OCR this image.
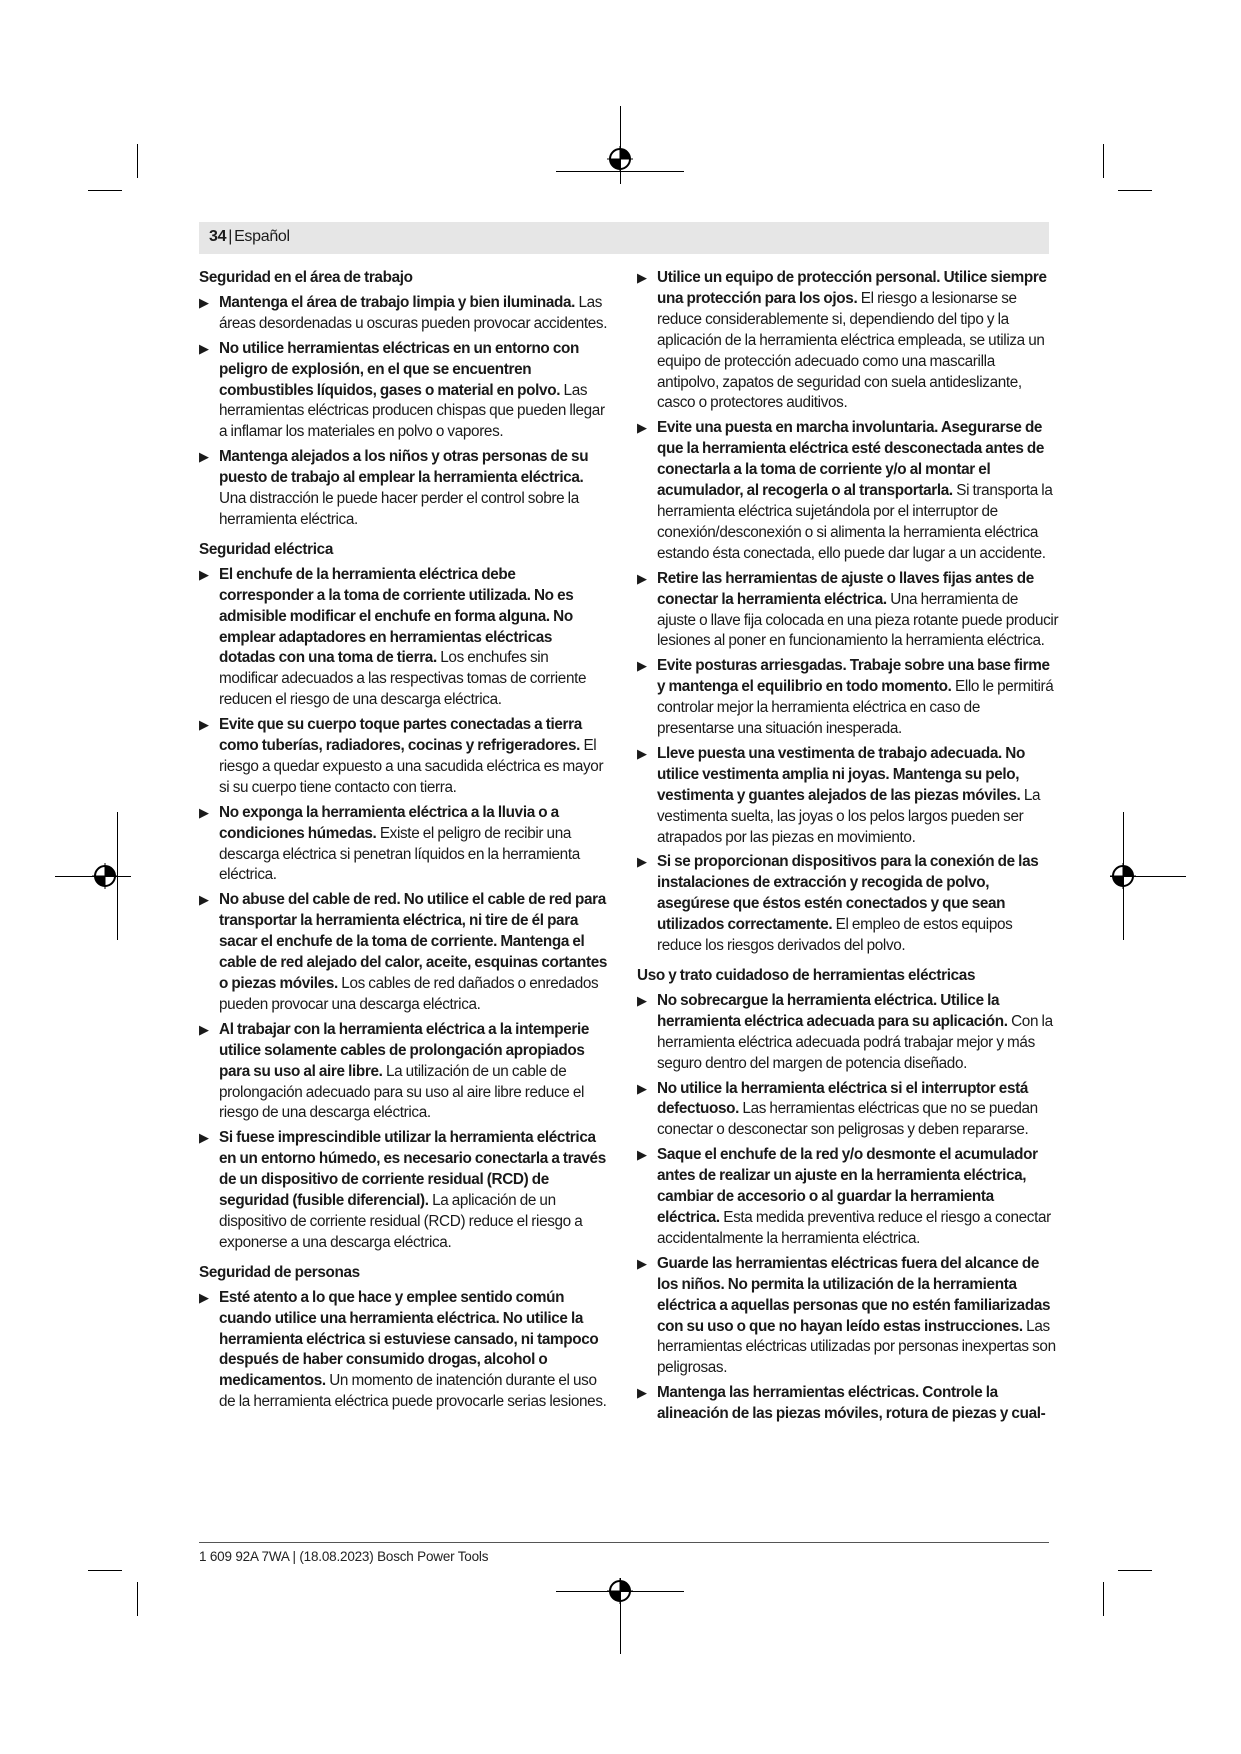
34 | Español
Seguridad en el área de trabajo
▶ Mantenga el área de trabajo limpia y bien iluminada. Las áreas desordenadas u oscuras pueden provocar accidentes.
▶ No utilice herramientas eléctricas en un entorno con peligro de explosión, en el que se encuentren combustibles líquidos, gases o material en polvo. Las herramientas eléctricas producen chispas que pueden llegar a inflamar los materiales en polvo o vapores.
▶ Mantenga alejados a los niños y otras personas de su puesto de trabajo al emplear la herramienta eléctrica. Una distracción le puede hacer perder el control sobre la herramienta eléctrica.
Seguridad eléctrica
▶ El enchufe de la herramienta eléctrica debe corresponder a la toma de corriente utilizada. No es admisible modificar el enchufe en forma alguna. No emplear adaptadores en herramientas eléctricas dotadas con una toma de tierra. Los enchufes sin modificar adecuados a las respectivas tomas de corriente reducen el riesgo de una descarga eléctrica.
▶ Evite que su cuerpo toque partes conectadas a tierra como tuberías, radiadores, cocinas y refrigeradores. El riesgo a quedar expuesto a una sacudida eléctrica es mayor si su cuerpo tiene contacto con tierra.
▶ No exponga la herramienta eléctrica a la lluvia o a condiciones húmedas. Existe el peligro de recibir una descarga eléctrica si penetran líquidos en la herramienta eléctrica.
▶ No abuse del cable de red. No utilice el cable de red para transportar la herramienta eléctrica, ni tire de él para sacar el enchufe de la toma de corriente. Mantenga el cable de red alejado del calor, aceite, esquinas cortantes o piezas móviles. Los cables de red dañados o enredados pueden provocar una descarga eléctrica.
▶ Al trabajar con la herramienta eléctrica a la intemperie utilice solamente cables de prolongación apropiados para su uso al aire libre. La utilización de un cable de prolongación adecuado para su uso al aire libre reduce el riesgo de una descarga eléctrica.
▶ Si fuese imprescindible utilizar la herramienta eléctrica en un entorno húmedo, es necesario conectarla a través de un dispositivo de corriente residual (RCD) de seguridad (fusible diferencial). La aplicación de un dispositivo de corriente residual (RCD) reduce el riesgo a exponerse a una descarga eléctrica.
Seguridad de personas
▶ Esté atento a lo que hace y emplee sentido común cuando utilice una herramienta eléctrica. No utilice la herramienta eléctrica si estuviese cansado, ni tampoco después de haber consumido drogas, alcohol o medicamentos. Un momento de inatención durante el uso de la herramienta eléctrica puede provocarle serias lesiones.
▶ Utilice un equipo de protección personal. Utilice siempre una protección para los ojos. El riesgo a lesionarse se reduce considerablemente si, dependiendo del tipo y la aplicación de la herramienta eléctrica empleada, se utiliza un equipo de protección adecuado como una mascarilla antipolvo, zapatos de seguridad con suela antideslizante, casco o protectores auditivos.
▶ Evite una puesta en marcha involuntaria. Asegurarse de que la herramienta eléctrica esté desconectada antes de conectarla a la toma de corriente y/o al montar el acumulador, al recogerla o al transportarla. Si transporta la herramienta eléctrica sujetándola por el interruptor de conexión/desconexión o si alimenta la herramienta eléctrica estando ésta conectada, ello puede dar lugar a un accidente.
▶ Retire las herramientas de ajuste o llaves fijas antes de conectar la herramienta eléctrica. Una herramienta de ajuste o llave fija colocada en una pieza rotante puede producir lesiones al poner en funcionamiento la herramienta eléctrica.
▶ Evite posturas arriesgadas. Trabaje sobre una base firme y mantenga el equilibrio en todo momento. Ello le permitirá controlar mejor la herramienta eléctrica en caso de presentarse una situación inesperada.
▶ Lleve puesta una vestimenta de trabajo adecuada. No utilice vestimenta amplia ni joyas. Mantenga su pelo, vestimenta y guantes alejados de las piezas móviles. La vestimenta suelta, las joyas o los pelos largos pueden ser atrapados por las piezas en movimiento.
▶ Si se proporcionan dispositivos para la conexión de las instalaciones de extracción y recogida de polvo, asegúrese que éstos estén conectados y que sean utilizados correctamente. El empleo de estos equipos reduce los riesgos derivados del polvo.
Uso y trato cuidadoso de herramientas eléctricas
▶ No sobrecargue la herramienta eléctrica. Utilice la herramienta eléctrica adecuada para su aplicación. Con la herramienta eléctrica adecuada podrá trabajar mejor y más seguro dentro del margen de potencia diseñado.
▶ No utilice la herramienta eléctrica si el interruptor está defectuoso. Las herramientas eléctricas que no se puedan conectar o desconectar son peligrosas y deben repararse.
▶ Saque el enchufe de la red y/o desmonte el acumulador antes de realizar un ajuste en la herramienta eléctrica, cambiar de accesorio o al guardar la herramienta eléctrica. Esta medida preventiva reduce el riesgo a conectar accidentalmente la herramienta eléctrica.
▶ Guarde las herramientas eléctricas fuera del alcance de los niños. No permita la utilización de la herramienta eléctrica a aquellas personas que no estén familiarizadas con su uso o que no hayan leído estas instrucciones. Las herramientas eléctricas utilizadas por personas inexpertas son peligrosas.
▶ Mantenga las herramientas eléctricas. Controle la alineación de las piezas móviles, rotura de piezas y cual-
1 609 92A 7WA | (18.08.2023) Bosch Power Tools
